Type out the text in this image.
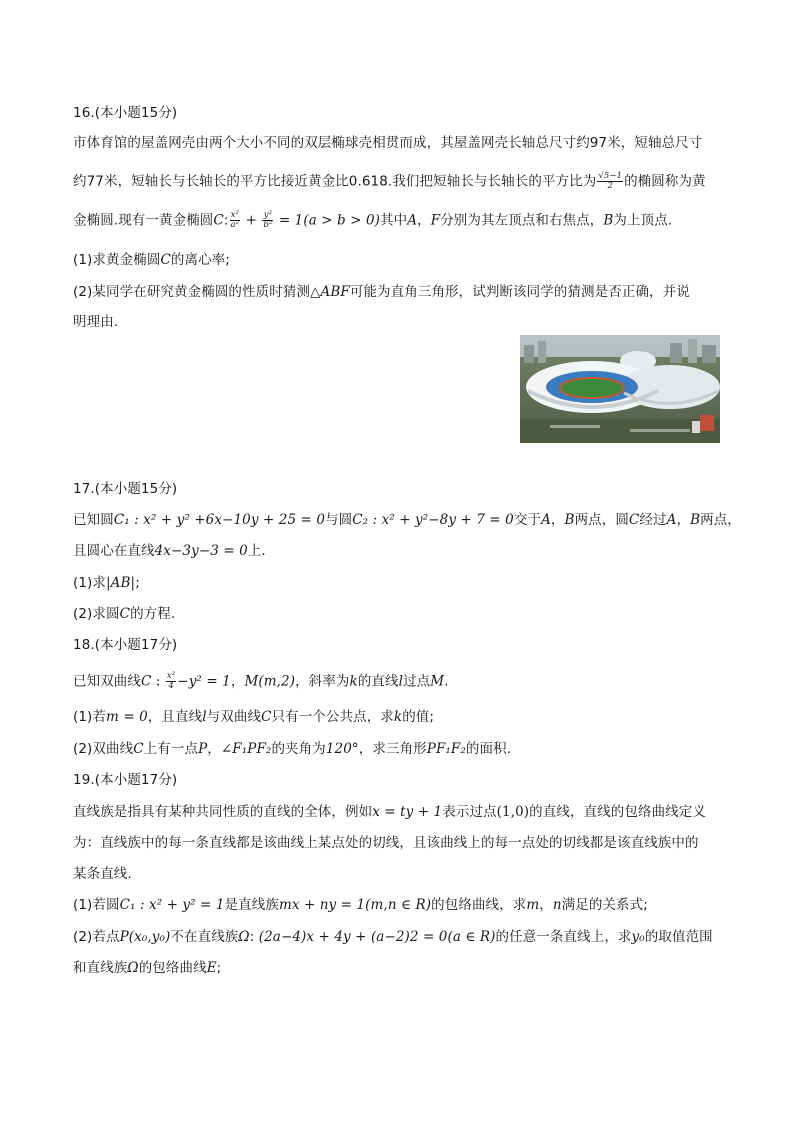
16.(本小题15分)
市体育馆的屋盖网壳由两个大小不同的双层椭球壳相贯而成，其屋盖网壳长轴总尺寸约97米，短轴总尺寸
约77米，短轴长与长轴长的平方比接近黄金比0.618.我们把短轴长与长轴长的平方比为 $\frac{√5-1}{2}$ 的椭圆称为黄
金椭圆.现有一黄金椭圆C: $\frac{\text{x²}}{\text{a²}} + \frac{\text{y²}}{\text{b²}} = 1(a > b > 0)$其中A，F分别为其左顶点和右焦点，B为上顶点.
(1)求黄金椭圆C的离心率;
(2)某同学在研究黄金椭圆的性质时猜测△ABF可能为直角三角形，试判断该同学的猜测是否正确，并说
明理由.
17.(本小题15分)
已知圆C₁ : x² + y² +6x−10y + 25 = 0与圆C₂ : x² + y²−8y + 7 = 0交于A，B两点，圆C经过A，B两点，
且圆心在直线4x−3y−3 = 0上.
(1)求|AB|;
(2)求圆C的方程.
18.(本小题17分)
已知双曲线C : $\frac{\text{x²}}{4} -y^2 = 1$，M(m,2)，斜率为k的直线l过点M.
(1)若m = 0，且直线l与双曲线C只有一个公共点，求k的值;
(2)双曲线C上有一点P，∠F₁PF₂的夹角为120°，求三角形PF₁F₂的面积.
19.(本小题17分)
直线族是指具有某种共同性质的直线的全体，例如x = ty + 1表示过点(1,0)的直线，直线的包络曲线定义
为：直线族中的每一条直线都是该曲线上某点处的切线，且该曲线上的每一点处的切线都是该直线族中的
某条直线.
(1)若圆C₁ : x² + y² = 1是直线族mx + ny = 1(m,n ∈ R)的包络曲线，求m，n满足的关系式;
(2)若点P(x₀,y₀)不在直线族Ω: (2a−4)x + 4y + (a−2)2 = 0(a ∈ R)的任意一条直线上，求y₀的取值范围
和直线族Ω的包络曲线E;
